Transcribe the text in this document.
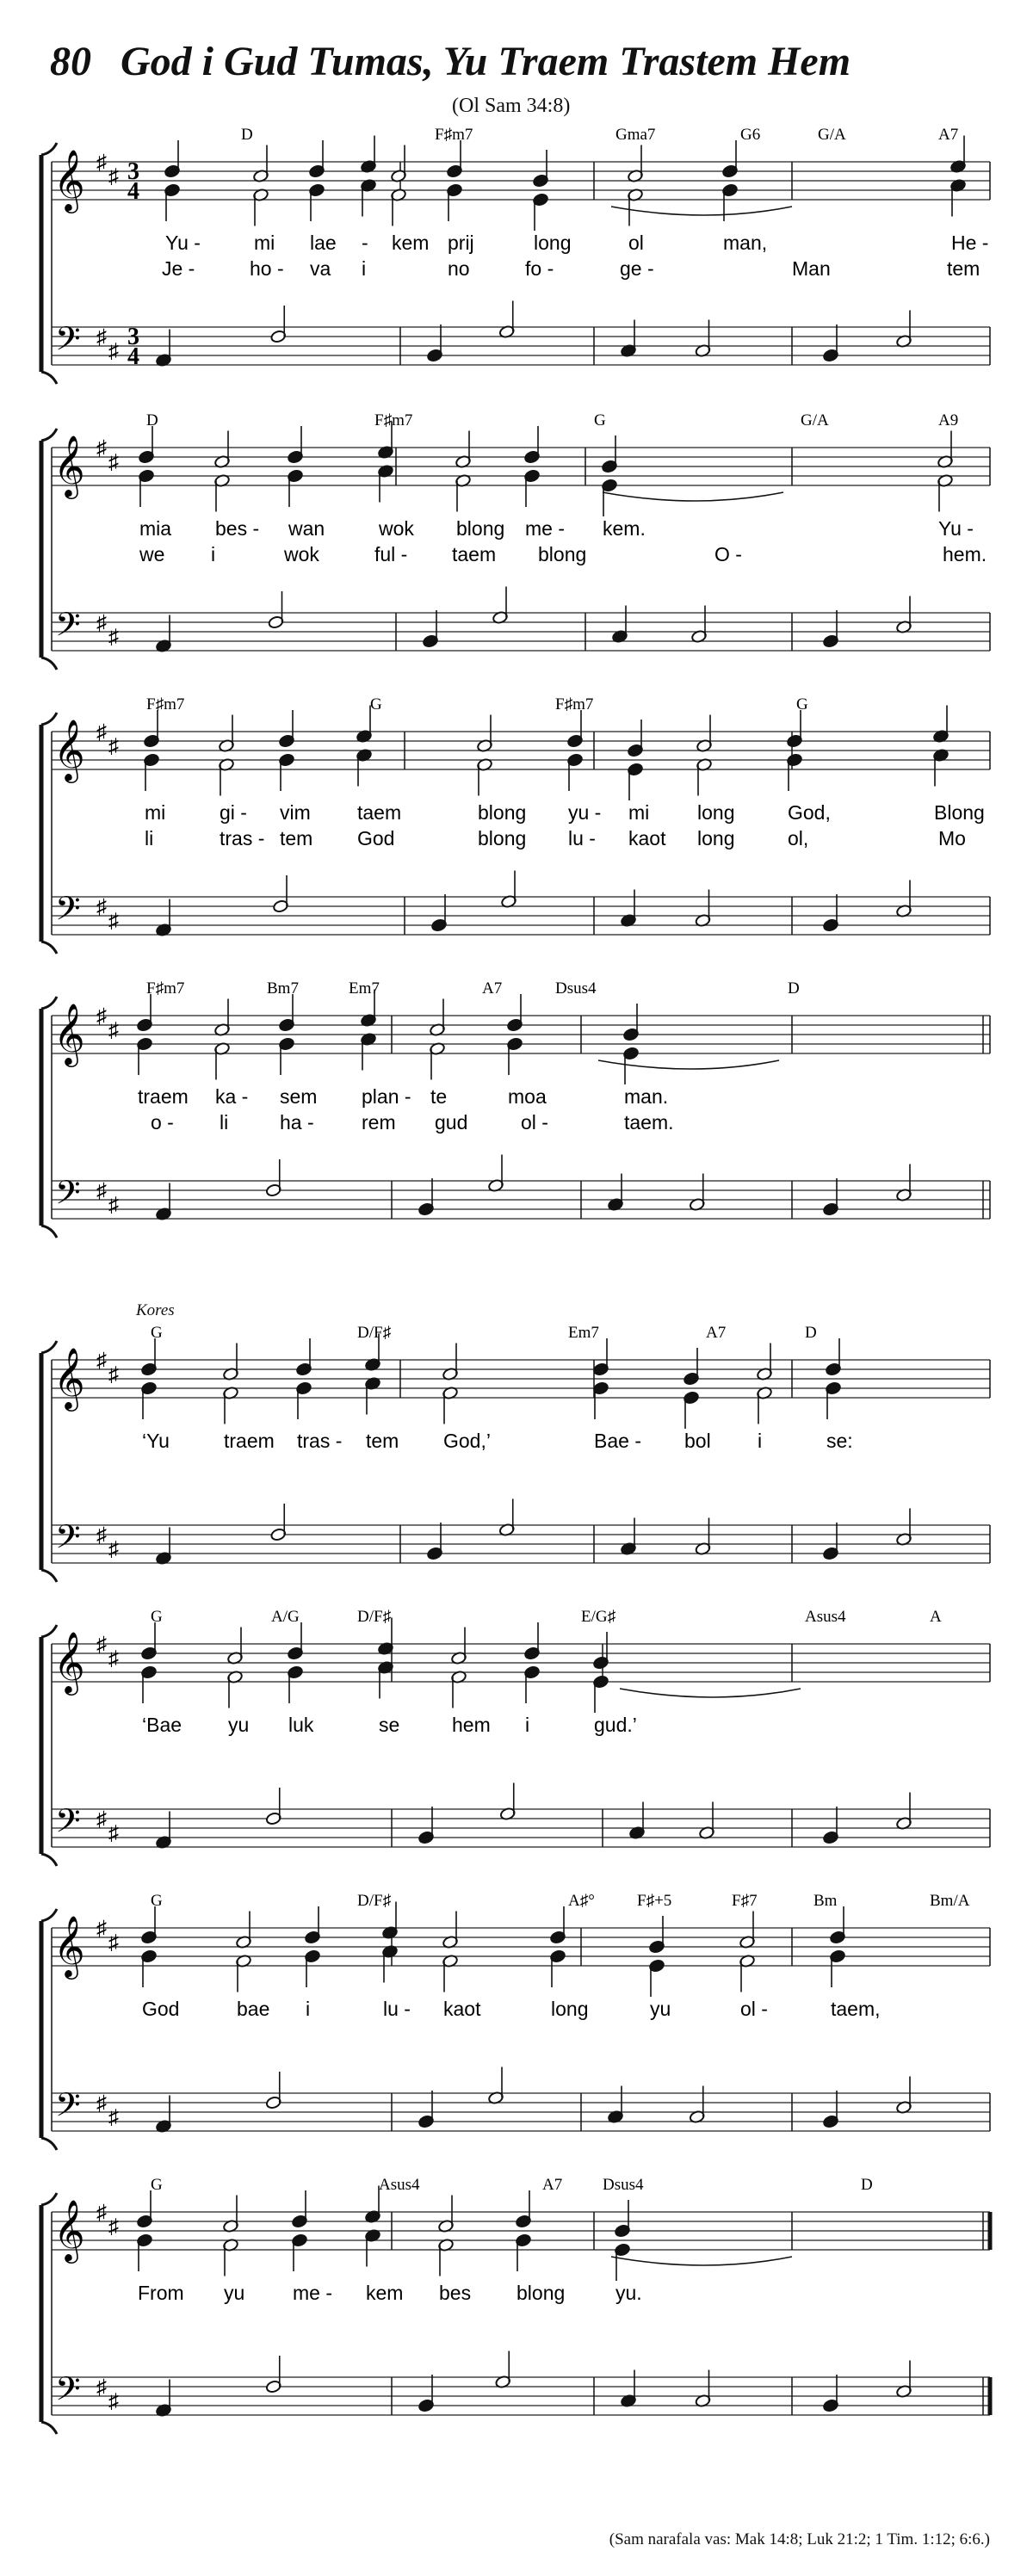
80 God i Gud Tumas, Yu Traem Trastem Hem
(Ol Sam 34:8)
Kores
(Sam narafala vas: Mak 14:8; Luk 21:2; 1 Tim. 1:12; 6:6.)
𝄞
𝄢
♯
♯
♯
♯
3
4
3
4
D	F♯m7	Gma7	G6	G/A	A7
Yu -	mi lae - kem prij	long	ol	man,	He -
Je -	ho - va i	no	fo -	ge -	tem
Man
𝄞
𝄢
♯
♯
♯
♯
D	F♯m7	G	G/A	A9
mia bes - wan	wok blong me - kem.	Yu -
we i	wok	ful - taem blong	hem.
O -
𝄞
𝄢
♯
♯
♯
♯
F♯m7	G	F♯m7	G
mi	gi - vim taem	blong yu - mi long	God,	Blong
li	tras - tem God	blong lu - kaot long	ol,	Mo
𝄞
𝄢
♯
♯
♯
♯
F♯m7	Bm7	Em7	A7	Dsus4	D
traem ka - sem plan - te	moa	man.
o - li	ha - rem gud	ol -	taem.
𝄞
𝄢
♯
♯
♯
♯
G	D/F♯	Em7	A7	D
‘Yu	traem tras - tem God,’	Bae - bol i	se:
𝄞
𝄢
♯
♯
♯
♯
G	A/G	D/F♯	E/G♯	Asus4	A
‘Bae yu luk	se	hem i	gud.’
𝄞
𝄢
♯
♯
♯
♯
G	D/F♯	A♯°	F♯+5	F♯7	Bm	Bm/A
God	bae i	lu - kaot	long	yu	ol -	taem,
𝄞
𝄢
♯
♯
♯
♯
G	Asus4	A7 Dsus4	D
From yu me - kem bes blong	yu.
